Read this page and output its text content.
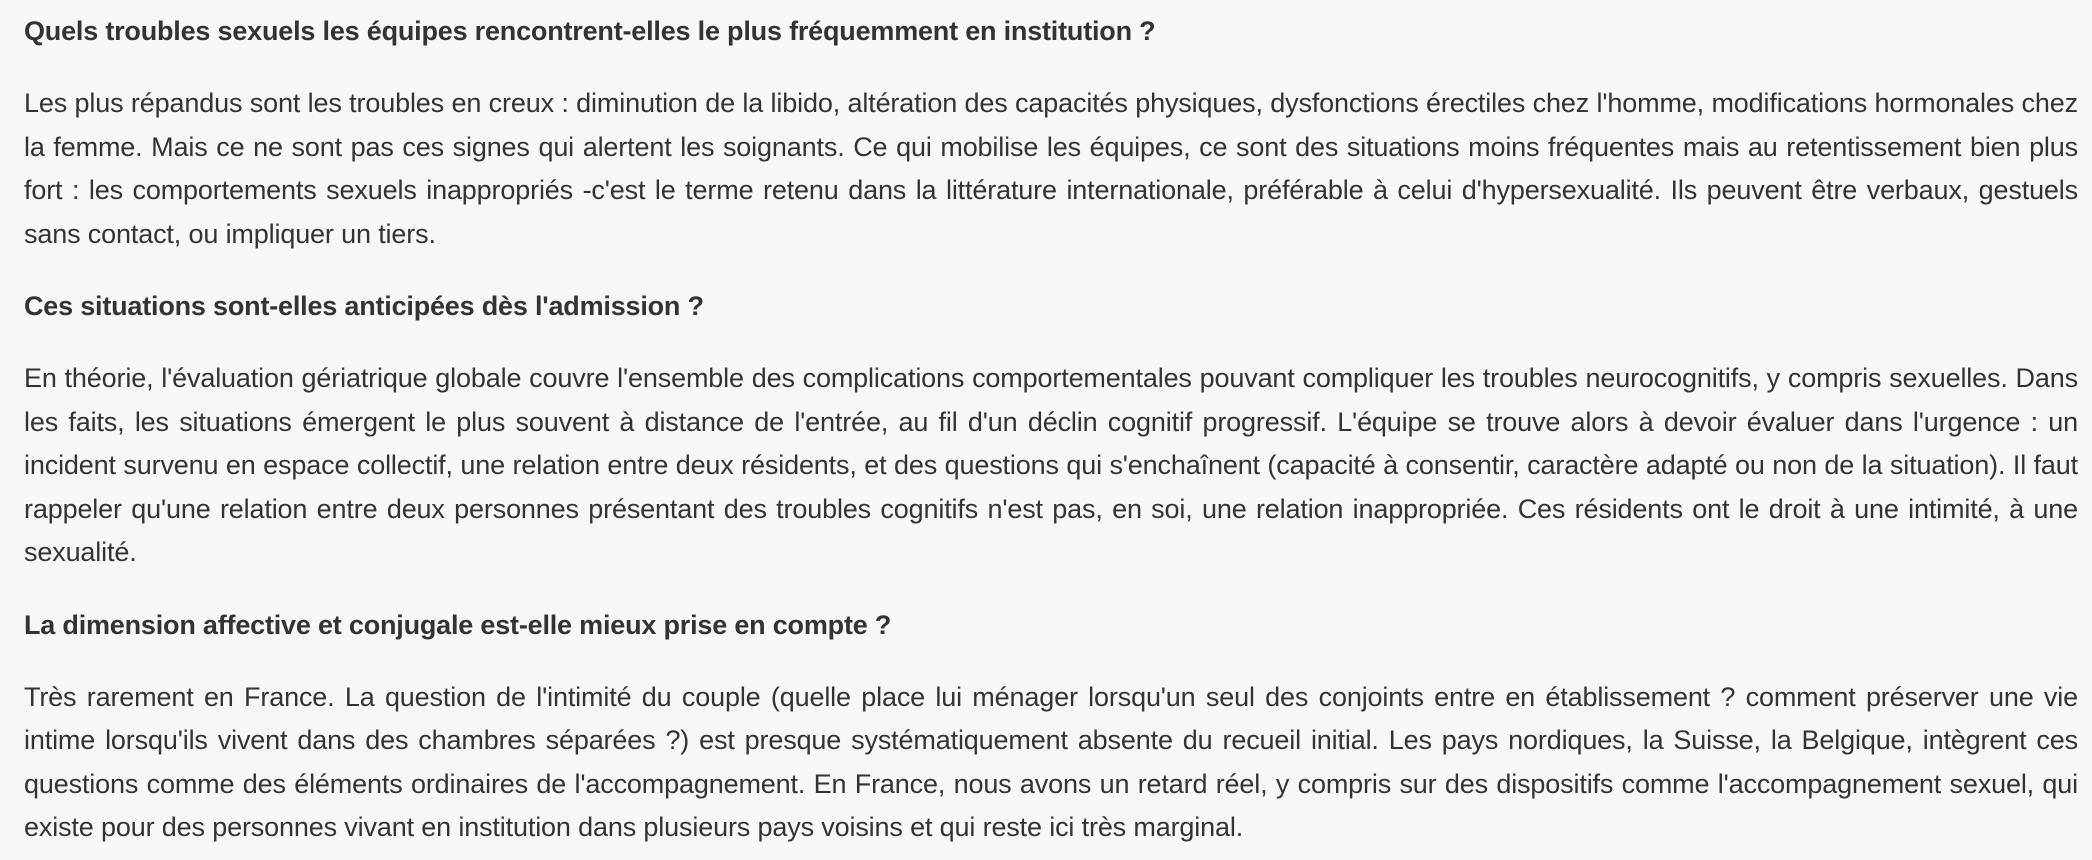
Quels troubles sexuels les équipes rencontrent-elles le plus fréquemment en institution ?

Les plus répandus sont les troubles en creux : diminution de la libido, altération des capacités physiques, dysfonctions érectiles chez l'homme, modifications hormonales chez la femme. Mais ce ne sont pas ces signes qui alertent les soignants. Ce qui mobilise les équipes, ce sont des situations moins fréquentes mais au retentissement bien plus fort : les comportements sexuels inappropriés -c'est le terme retenu dans la littérature internationale, préférable à celui d'hypersexualité. Ils peuvent être verbaux, gestuels sans contact, ou impliquer un tiers.

Ces situations sont-elles anticipées dès l'admission ?

En théorie, l'évaluation gériatrique globale couvre l'ensemble des complications comportementales pouvant compliquer les troubles neurocognitifs, y compris sexuelles. Dans les faits, les situations émergent le plus souvent à distance de l'entrée, au fil d'un déclin cognitif progressif. L'équipe se trouve alors à devoir évaluer dans l'urgence : un incident survenu en espace collectif, une relation entre deux résidents, et des questions qui s'enchaînent (capacité à consentir, caractère adapté ou non de la situation). Il faut rappeler qu'une relation entre deux personnes présentant des troubles cognitifs n'est pas, en soi, une relation inappropriée. Ces résidents ont le droit à une intimité, à une sexualité.

La dimension affective et conjugale est-elle mieux prise en compte ?

Très rarement en France. La question de l'intimité du couple (quelle place lui ménager lorsqu'un seul des conjoints entre en établissement ? comment préserver une vie intime lorsqu'ils vivent dans des chambres séparées ?) est presque systématiquement absente du recueil initial. Les pays nordiques, la Suisse, la Belgique, intègrent ces questions comme des éléments ordinaires de l'accompagnement. En France, nous avons un retard réel, y compris sur des dispositifs comme l'accompagnement sexuel, qui existe pour des personnes vivant en institution dans plusieurs pays voisins et qui reste ici très marginal.
